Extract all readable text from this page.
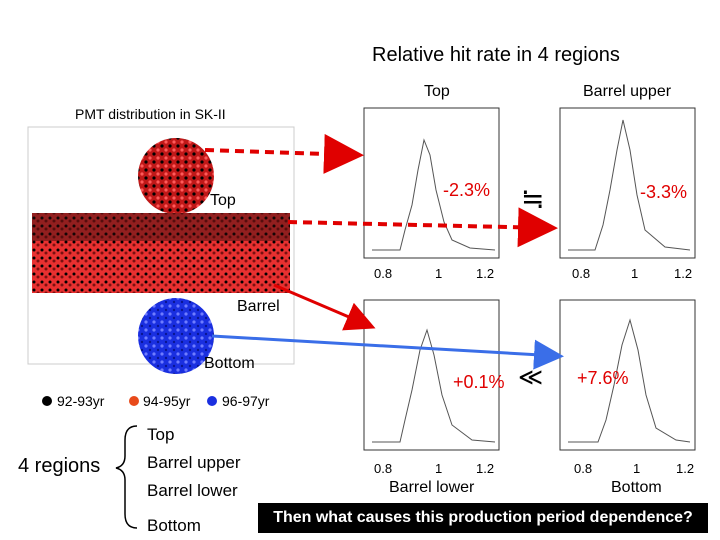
Relative hit rate in 4 regions
PMT distribution in SK-II
Top	Barrel upper
Top
Barrel
Bottom
-2.3%	-3.3%
+0.1%	+7.6%
≒
≪
0.8	1	1.2	0.8	1	1.2
0.8	1	1.2	0.8	1	1.2
Barrel lower	Bottom
92-93yr	94-95yr 96-97yr
4 regions
Top
Barrel upper
Barrel lower
Bottom	Then what causes this production period dependence?
